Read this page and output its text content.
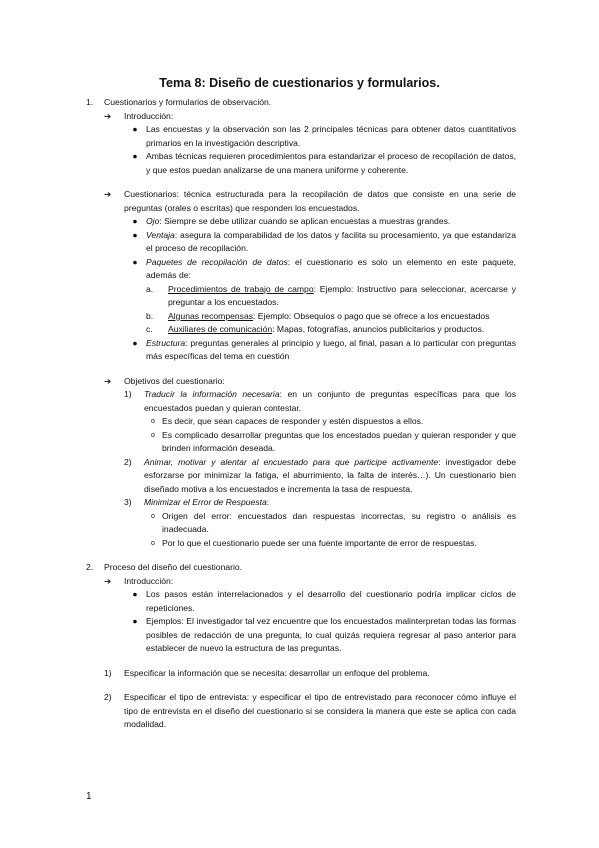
Tema 8: Diseño de cuestionarios y formularios.
1.	Cuestionarios y formularios de observación.
➔	Introducción:
● Las encuestas y la observación son las 2 principales técnicas para obtener datos cuantitativos primarios en la investigación descriptiva.
● Ambas técnicas requieren procedimientos para estandarizar el proceso de recopilación de datos, y que estos puedan analizarse de una manera uniforme y coherente.
➔	Cuestionarios: técnica estructurada para la recopilación de datos que consiste en una serie de preguntas (orales o escritas) que responden los encuestados.
● Ojo: Siempre se debe utilizar cuando se aplican encuestas a muestras grandes.
● Ventaja: asegura la comparabilidad de los datos y facilita su procesamiento, ya que estandariza el proceso de recopilación.
● Paquetes de recopilación de datos: el cuestionario es solo un elemento en este paquete, además de:
a.	Procedimientos de trabajo de campo: Ejemplo: Instructivo para seleccionar, acercarse y preguntar a los encuestados.
b.	Algunas recompensas: Ejemplo: Obsequios o pago que se ofrece a los encuestados
c.	Auxiliares de comunicación: Mapas, fotografías, anuncios publicitarios y productos.
● Estructura: preguntas generales al principio y luego, al final, pasan a lo particular con preguntas más específicas del tema en cuestión
➔	Objetivos del cuestionario:
1)	Traducir la información necesaria: en un conjunto de preguntas específicas para que los encuestados puedan y quieran contestar.
o Es decir, que sean capaces de responder y estén dispuestos a ellos.
o Es complicado desarrollar preguntas que los encestados puedan y quieran responder y que brinden información deseada.
2)	Animar, motivar y alentar al encuestado para que participe activamente: investigador debe esforzarse por minimizar la fatiga, el aburrimiento, la falta de interés…). Un cuestionario bien diseñado motiva a los encuestados e incrementa la tasa de respuesta.
3)	Minimizar el Error de Respuesta:
o Origen del error: encuestados dan respuestas incorrectas, su registro o análisis es inadecuada.
o Por lo que el cuestionario puede ser una fuente importante de error de respuestas.
2.	Proceso del diseño del cuestionario.
➔	Introducción:
● Los pasos están interrelacionados y el desarrollo del cuestionario podría implicar ciclos de repeticiones.
● Ejemplos: El investigador tal vez encuentre que los encuestados malinterpretan todas las formas posibles de redacción de una pregunta, lo cual quizás requiera regresar al paso anterior para establecer de nuevo la estructura de las preguntas.
1)	Especificar la información que se necesita: desarrollar un enfoque del problema.
2)	Especificar el tipo de entrevista: y especificar el tipo de entrevistado para reconocer cómo influye el tipo de entrevista en el diseño del cuestionario si se considera la manera que este se aplica con cada modalidad.
1
